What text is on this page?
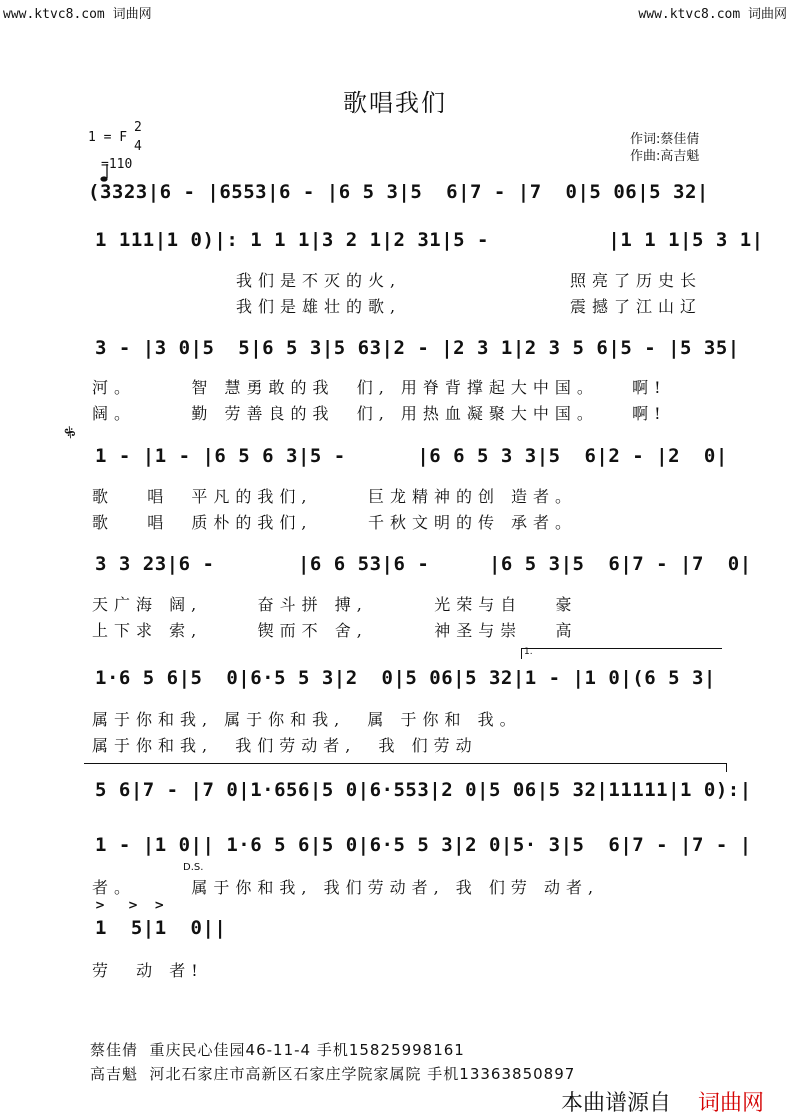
www.ktvc8.com 词曲网	www.ktvc8.com 词曲网
歌唱我们
1 = F
2
4

=110
作词:蔡佳倩
作曲:高吉魁
(3323|6 - |6553|6 - |6 5 3|5  6|7 - |7  0|5 06|5 32|
1 111|1 0)|: 1 1 1|3 2 1|2 31|5 -          |1 1 1|5 3 1|
我们是不灭的火,	照亮了历史长
我们是雄壮的歌,	震撼了江山辽
3 - |3 0|5  5|6 5 3|5 63|2 - |2 3 1|2 3 5 6|5 - |5 35|
河。     智 慧勇敢的我  们, 用脊背撑起大中国。   啊!
阔。     勤 劳善良的我  们, 用热血凝聚大中国。   啊!
𝄋
1 - |1 - |6 5 6 3|5 -      |6 6 5 3 3|5  6|2 - |2  0|
歌   唱  平凡的我们,     巨龙精神的创 造者。
歌   唱  质朴的我们,     千秋文明的传 承者。
3 3 23|6 -       |6 6 53|6 -     |6 5 3|5  6|7 - |7  0|
天广海 阔,     奋斗拼 搏,      光荣与自   豪
上下求 索,     锲而不 舍,      神圣与崇   高
1.
1·6 5 6|5  0|6·5 5 3|2  0|5 06|5 32|1 - |1 0|(6 5 3|
属于你和我, 属于你和我,  属 于你和 我。
属于你和我,  我们劳动者,  我 们劳动
5 6|7 - |7 0|1·656|5 0|6·553|2 0|5 06|5 32|11111|1 0):|
1 - |1 0|| 1·6 5 6|5 0|6·5 5 3|2 0|5· 3|5  6|7 - |7 - |
D.S.
者。     属于你和我, 我们劳动者, 我 们劳 动者,
> > >
1  5|1  0||
劳  动 者!
蔡佳倩  重庆民心佳园46-11-4 手机15825998161
高吉魁  河北石家庄市高新区石家庄学院家属院 手机13363850897
本曲谱源自 词曲网
